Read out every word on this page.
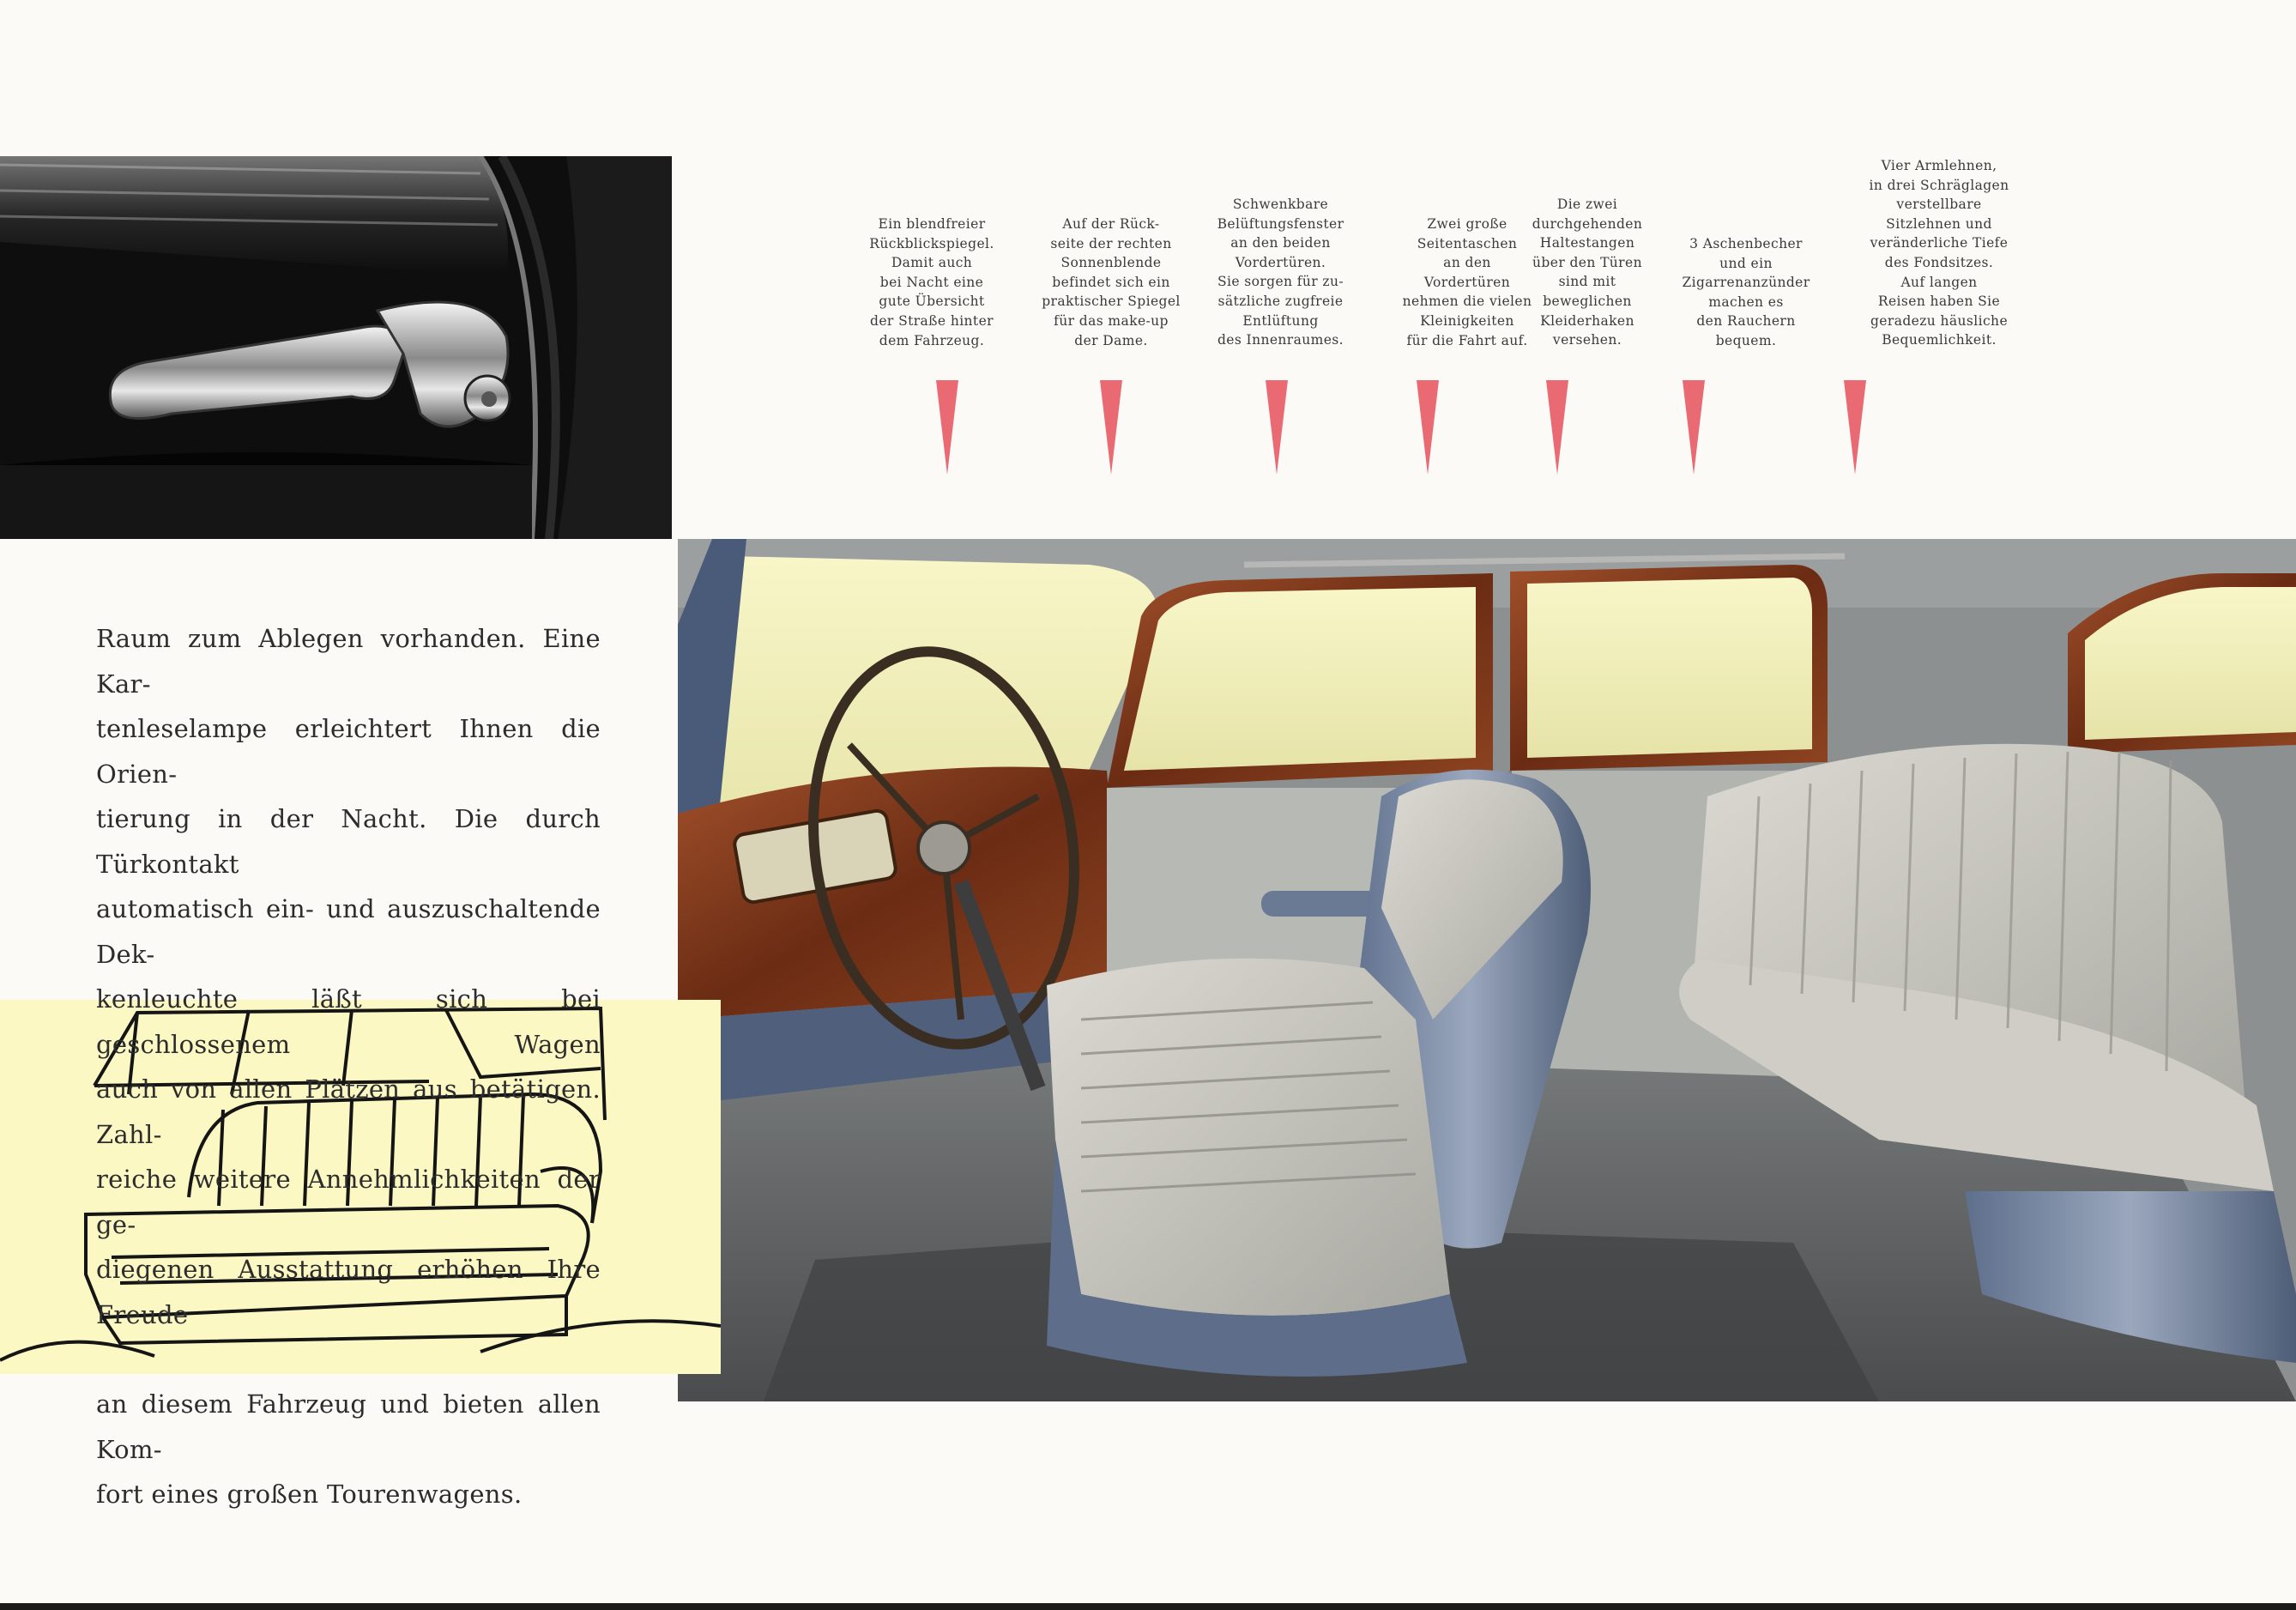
Ein blendfreier
Rückblickspiegel.
Damit auch
bei Nacht eine
gute Übersicht
der Straße hinter
dem Fahrzeug.
Auf der Rück-
seite der rechten
Sonnenblende
befindet sich ein
praktischer Spiegel
für das make-up
der Dame.
Schwenkbare
Belüftungsfenster
an den beiden
Vordertüren.
Sie sorgen für zu-
sätzliche zugfreie
Entlüftung
des Innenraumes.
Zwei große
Seitentaschen
an den
Vordertüren
nehmen die vielen
Kleinigkeiten
für die Fahrt auf.
Die zwei
durchgehenden
Haltestangen
über den Türen
sind mit
beweglichen
Kleiderhaken
versehen.
3 Aschenbecher
und ein
Zigarrenanzünder
machen es
den Rauchern
bequem.
Vier Armlehnen,
in drei Schräglagen
verstellbare
Sitzlehnen und
veränderliche Tiefe
des Fondsitzes.
Auf langen
Reisen haben Sie
geradezu häusliche
Bequemlichkeit.
Raum zum Ablegen vorhanden. Eine Kar-
tenleselampe erleichtert Ihnen die Orien-
tierung in der Nacht. Die durch Türkontakt
automatisch ein- und auszuschaltende Dek-
kenleuchte läßt sich bei geschlossenem Wagen
auch von allen Plätzen aus betätigen. Zahl-
reiche weitere Annehmlichkeiten der ge-
diegenen Ausstattung erhöhen Ihre Freude
an diesem Fahrzeug und bieten allen Kom-
fort eines großen Tourenwagens.
